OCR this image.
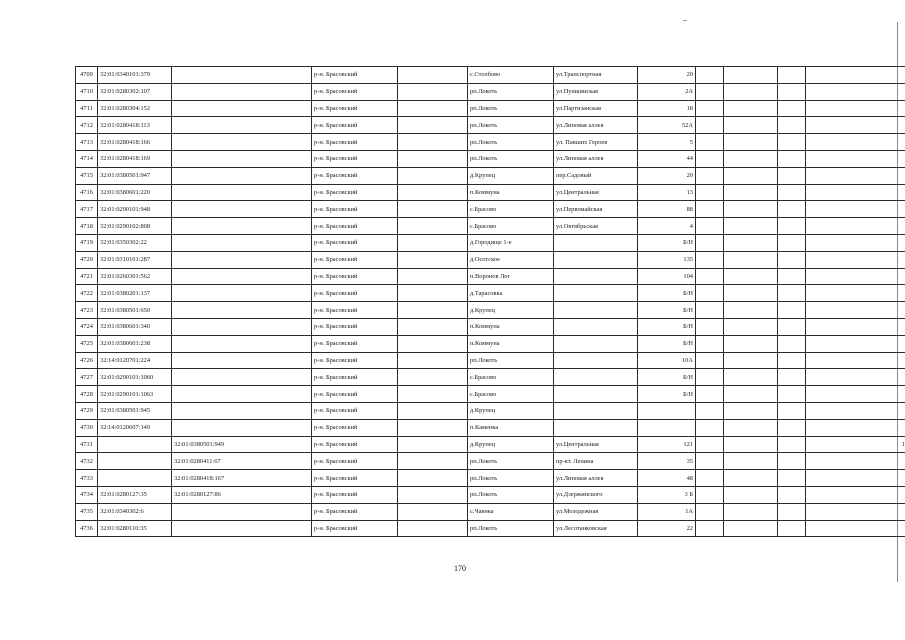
4709	32:01:0340101:379		р-н. Брасовский		с.Столбово	ул.Транспортная	20				
4710	32:01:0280302:107		р-н. Брасовский		рп.Локоть	ул.Пушкинская	2А				
4711	32:01:0280304:152		р-н. Брасовский		рп.Локоть	ул.Партизанская	18				
4712	32:01:0280418:113		р-н. Брасовский		рп.Локоть	ул.Липовая аллея	52А				
4713	32:01:0280418:166		р-н. Брасовский		рп.Локоть	ул. Павших Героев	5				
4714	32:01:0280418:169		р-н. Брасовский		рп.Локоть	ул.Липовая аллея	44				
4715	32:01:0380501:947		р-н. Брасовский		д.Крупец	пер.Садовый	20				
4716	32:01:0380601:220		р-н. Брасовский		п.Коммуна	ул.Центральная	13				
4717	32:01:0290101:948		р-н. Брасовский		с.Брасово	ул.Первомайская	88				
4718	32:01:0290102:808		р-н. Брасовский		с.Брасово	ул.Октябрьская	4				
4719	32:01:0350302:22		р-н. Брасовский		д.Городище 1-е		Б/Н				
4720	32:01:0310101:287		р-н. Брасовский		д.Осотское		135				
4721	32:01:0260301:562		р-н. Брасовский		п.Воронов Лог		104				
4722	32:01:0380201:137		р-н. Брасовский		д.Тарасовка		Б/Н				
4723	32:01:0380501:650		р-н. Брасовский		д.Крупец		Б/Н				
4724	32:01:0380601:340		р-н. Брасовский		п.Коммуна		Б/Н				
4725	32:01:0380601:238		р-н. Брасовский		п.Коммуна		Б/Н				
4726	32:14:0120701:224		р-н. Брасовский		рп.Локоть		10А				
4727	32:01:0290101:1060		р-н. Брасовский		с.Брасово		Б/Н				
4728	32:01:0290101:1063		р-н. Брасовский		с.Брасово		Б/Н				
4729	32:01:0380501:945		р-н. Брасовский		д.Крупец						
4730	32:14:0120607:149		р-н. Брасовский		п.Каменка						
4731		32:01:0380501:949	р-н. Брасовский		д.Крупец	ул.Центральная	121				1
4732		32:01:0280411:67	р-н. Брасовский		рп.Локоть	пр-кт. Ленина	35				
4733		32:01:0280418:167	р-н. Брасовский		рп.Локоть	ул.Липовая аллея	48				
4734	32:01:0280127:35	32:01:0280127:86	р-н. Брасовский		рп.Локоть	ул.Дзержинского	3 Б				
4735	32:01:0340302:6		р-н. Брасовский		с.Чаянка	ул.Молодежная	1А				
4736	32:01:0280110:35		р-н. Брасовский		рп.Локоть	ул.Лесотанковская	22				
170
